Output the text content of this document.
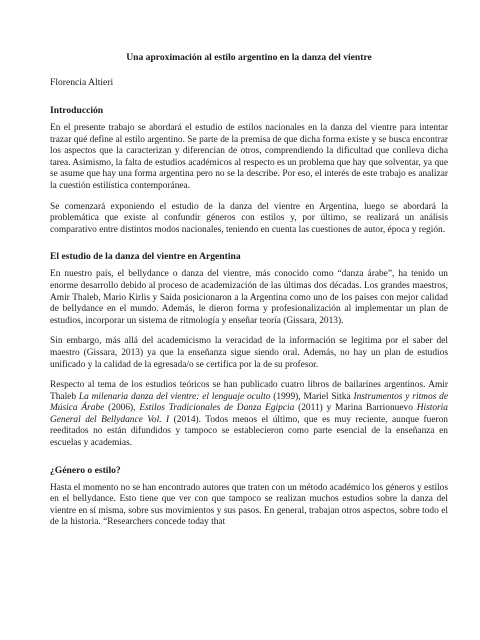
Una aproximación al estilo argentino en la danza del vientre
Florencia Altieri
Introducción
En el presente trabajo se abordará el estudio de estilos nacionales en la danza del vientre para intentar trazar qué define al estilo argentino. Se parte de la premisa de que dicha forma existe y se busca encontrar los aspectos que la caracterizan y diferencian de otros, comprendiendo la dificultad que conlleva dicha tarea. Asimismo, la falta de estudios académicos al respecto es un problema que hay que solventar, ya que se asume que hay una forma argentina pero no se la describe. Por eso, el interés de este trabajo es analizar la cuestión estilística contemporánea.
Se comenzará exponiendo el estudio de la danza del vientre en Argentina, luego se abordará la problemática que existe al confundir géneros con estilos y, por último, se realizará un análisis comparativo entre distintos modos nacionales, teniendo en cuenta las cuestiones de autor, época y región.
El estudio de la danza del vientre en Argentina
En nuestro país, el bellydance o danza del vientre, más conocido como “danza árabe”, ha tenido un enorme desarrollo debido al proceso de academización de las últimas dos décadas. Los grandes maestros, Amir Thaleb, Mario Kirlis y Saida posicionaron a la Argentina como uno de los países con mejor calidad de bellydance en el mundo. Además, le dieron forma y profesionalización al implementar un plan de estudios, incorporar un sistema de ritmología y enseñar teoría (Gissara, 2013).
Sin embargo, más allá del academicismo la veracidad de la información se legitima por el saber del maestro (Gissara, 2013) ya que la enseñanza sigue siendo oral. Además, no hay un plan de estudios unificado y la calidad de la egresada/o se certifica por la de su profesor.
Respecto al tema de los estudios teóricos se han publicado cuatro libros de bailarines argentinos. Amir Thaleb La milenaria danza del vientre: el lenguaje oculto (1999), Mariel Sitka Instrumentos y ritmos de Música Árabe (2006), Estilos Tradicionales de Danza Egipcia (2011) y Marina Barrionuevo Historia General del Bellydance Vol. I (2014). Todos menos el último, que es muy reciente, aunque fueron reeditados no están difundidos y tampoco se establecieron como parte esencial de la enseñanza en escuelas y academias.
¿Género o estilo?
Hasta el momento no se han encontrado autores que traten con un método académico los géneros y estilos en el bellydance. Esto tiene que ver con que tampoco se realizan muchos estudios sobre la danza del vientre en sí misma, sobre sus movimientos y sus pasos. En general, trabajan otros aspectos, sobre todo el de la historia. “Researchers concede today that
